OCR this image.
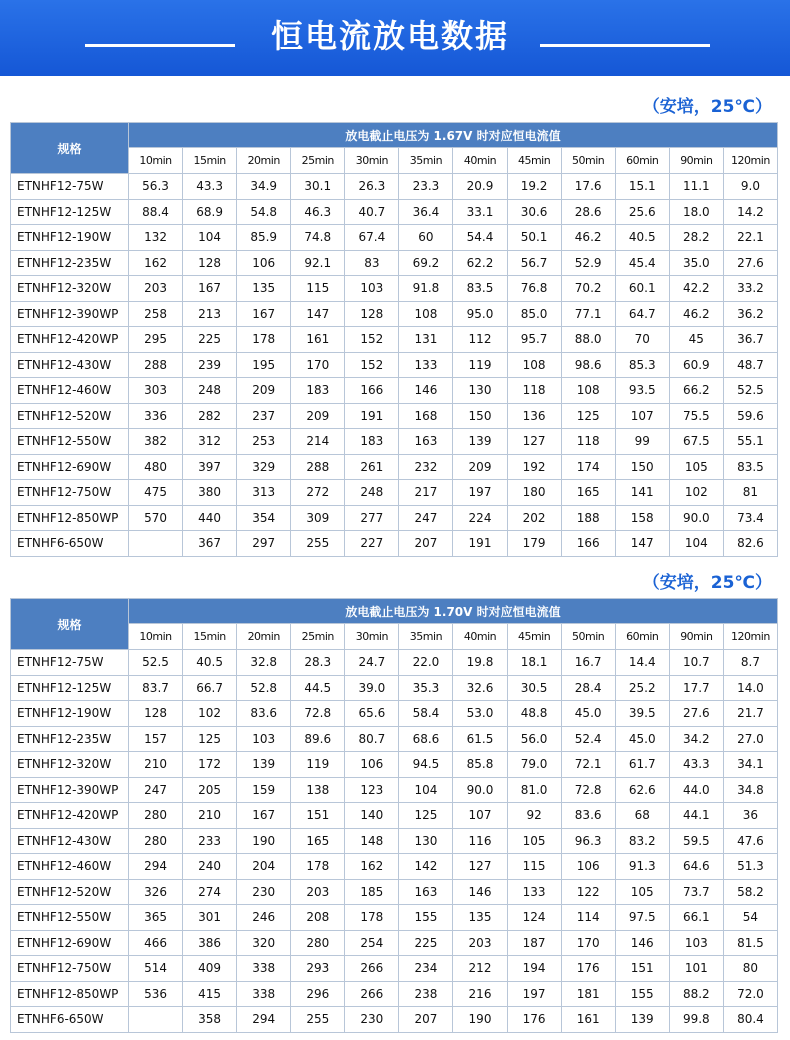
恒电流放电数据
（安培，25℃）
规格	放电截止电压为 1.67V 时对应恒电流值											
	10min	15min	20min	25min	30min	35min	40min	45min	50min	60min	90min	120min
ETNHF12-75W	56.3	43.3	34.9	30.1	26.3	23.3	20.9	19.2	17.6	15.1	11.1	9.0
ETNHF12-125W	88.4	68.9	54.8	46.3	40.7	36.4	33.1	30.6	28.6	25.6	18.0	14.2
ETNHF12-190W	132	104	85.9	74.8	67.4	60	54.4	50.1	46.2	40.5	28.2	22.1
ETNHF12-235W	162	128	106	92.1	83	69.2	62.2	56.7	52.9	45.4	35.0	27.6
ETNHF12-320W	203	167	135	115	103	91.8	83.5	76.8	70.2	60.1	42.2	33.2
ETNHF12-390WP	258	213	167	147	128	108	95.0	85.0	77.1	64.7	46.2	36.2
ETNHF12-420WP	295	225	178	161	152	131	112	95.7	88.0	70	45	36.7
ETNHF12-430W	288	239	195	170	152	133	119	108	98.6	85.3	60.9	48.7
ETNHF12-460W	303	248	209	183	166	146	130	118	108	93.5	66.2	52.5
ETNHF12-520W	336	282	237	209	191	168	150	136	125	107	75.5	59.6
ETNHF12-550W	382	312	253	214	183	163	139	127	118	99	67.5	55.1
ETNHF12-690W	480	397	329	288	261	232	209	192	174	150	105	83.5
ETNHF12-750W	475	380	313	272	248	217	197	180	165	141	102	81
ETNHF12-850WP	570	440	354	309	277	247	224	202	188	158	90.0	73.4
ETNHF6-650W		367	297	255	227	207	191	179	166	147	104	82.6
（安培，25℃）
规格	放电截止电压为 1.70V 时对应恒电流值											
	10min	15min	20min	25min	30min	35min	40min	45min	50min	60min	90min	120min
ETNHF12-75W	52.5	40.5	32.8	28.3	24.7	22.0	19.8	18.1	16.7	14.4	10.7	8.7
ETNHF12-125W	83.7	66.7	52.8	44.5	39.0	35.3	32.6	30.5	28.4	25.2	17.7	14.0
ETNHF12-190W	128	102	83.6	72.8	65.6	58.4	53.0	48.8	45.0	39.5	27.6	21.7
ETNHF12-235W	157	125	103	89.6	80.7	68.6	61.5	56.0	52.4	45.0	34.2	27.0
ETNHF12-320W	210	172	139	119	106	94.5	85.8	79.0	72.1	61.7	43.3	34.1
ETNHF12-390WP	247	205	159	138	123	104	90.0	81.0	72.8	62.6	44.0	34.8
ETNHF12-420WP	280	210	167	151	140	125	107	92	83.6	68	44.1	36
ETNHF12-430W	280	233	190	165	148	130	116	105	96.3	83.2	59.5	47.6
ETNHF12-460W	294	240	204	178	162	142	127	115	106	91.3	64.6	51.3
ETNHF12-520W	326	274	230	203	185	163	146	133	122	105	73.7	58.2
ETNHF12-550W	365	301	246	208	178	155	135	124	114	97.5	66.1	54
ETNHF12-690W	466	386	320	280	254	225	203	187	170	146	103	81.5
ETNHF12-750W	514	409	338	293	266	234	212	194	176	151	101	80
ETNHF12-850WP	536	415	338	296	266	238	216	197	181	155	88.2	72.0
ETNHF6-650W		358	294	255	230	207	190	176	161	139	99.8	80.4
